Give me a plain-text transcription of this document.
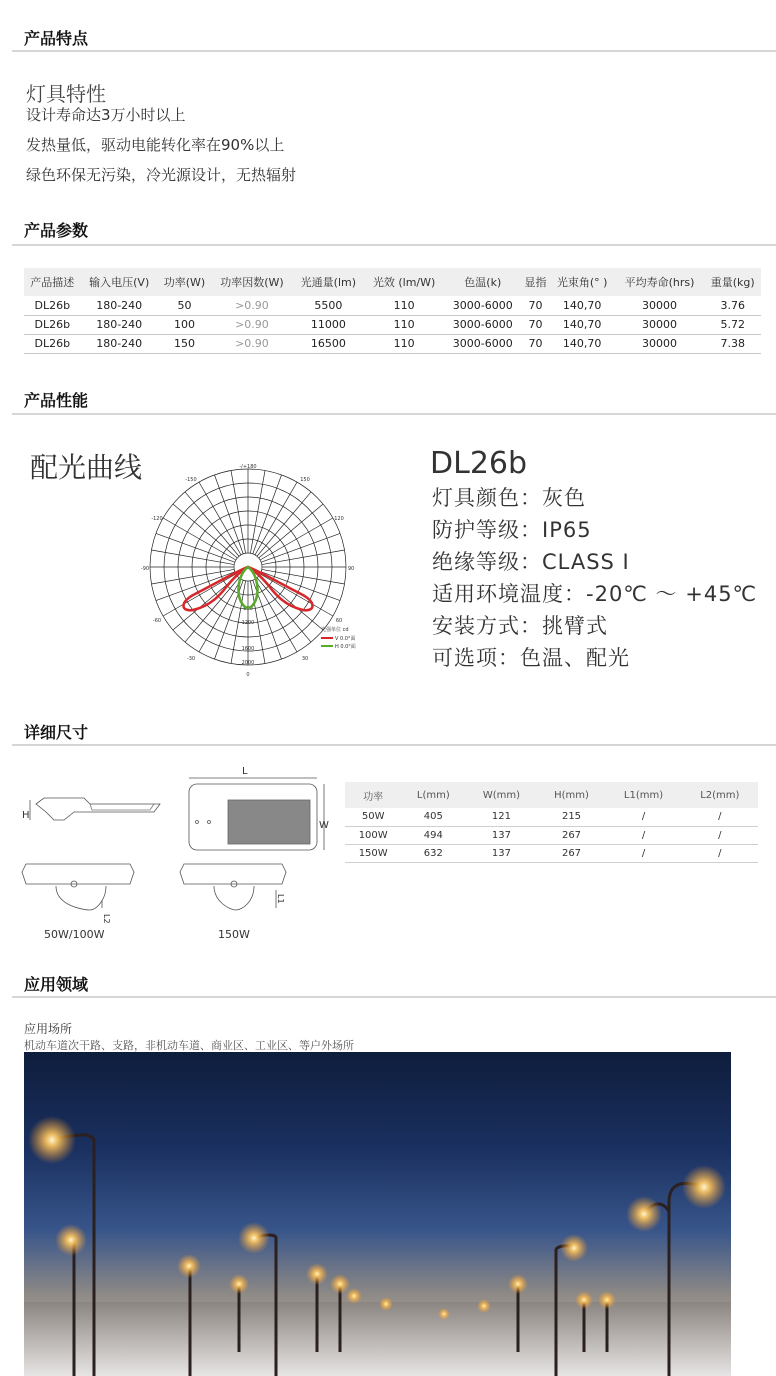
产品特点
灯具特性
设计寿命达3万小时以上
发热量低，驱动电能转化率在90%以上
绿色环保无污染，冷光源设计，无热辐射
产品参数
产品描述	输入电压(V)	功率(W)	功率因数(W)	光通量(lm)	光效 (lm/W)	色温(k)	显指	光束角(° )	平均寿命(hrs)	重量(kg)
DL26b	180-240	50	>0.90	5500	110	3000-6000	70	140,70	30000	3.76
DL26b	180-240	100	>0.90	11000	110	3000-6000	70	140,70	30000	5.72
DL26b	180-240	150	>0.90	16500	110	3000-6000	70	140,70	30000	7.38
产品性能
配光曲线	-/+180
-150	150
-120	120
-90	90
-60	60
-30	30
0
800
1200
1600
2000
光强单位 cd
V 0.0°面
H 0.0°面
DL26b
灯具颜色：灰色
防护等级：IP65
绝缘等级：CLASS Ⅰ
适用环境温度：-20℃ ～ +45℃
安装方式：挑臂式
可选项：色温、配光
详细尺寸
H
L
W
L2
L1
50W/100W	150W
功率	L(mm)	W(mm)	H(mm)	L1(mm)	L2(mm)
50W	405	121	215	/	/
100W	494	137	267	/	/
150W	632	137	267	/	/
应用领域
应用场所
机动车道次干路、支路，非机动车道、商业区、工业区、等户外场所
